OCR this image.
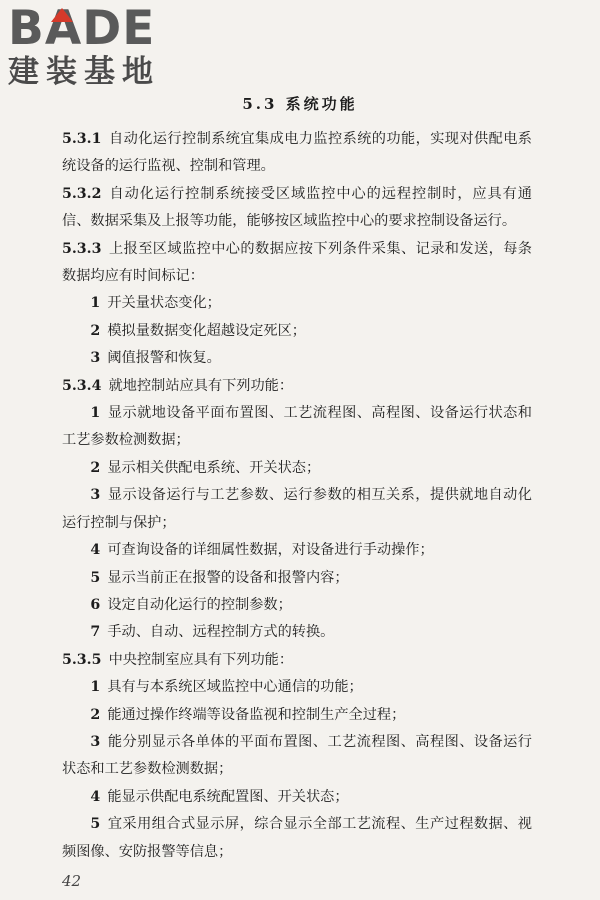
BADE
建装基地
5.3 系统功能

5.3.1 自动化运行控制系统宜集成电力监控系统的功能，实现对供配电系统设备的运行监视、控制和管理。

5.3.2 自动化运行控制系统接受区域监控中心的远程控制时，应具有通信、数据采集及上报等功能，能够按区域监控中心的要求控制设备运行。

5.3.3 上报至区域监控中心的数据应按下列条件采集、记录和发送，每条数据均应有时间标记：

1 开关量状态变化；

2 模拟量数据变化超越设定死区；

3 阈值报警和恢复。

5.3.4 就地控制站应具有下列功能：

1 显示就地设备平面布置图、工艺流程图、高程图、设备运行状态和工艺参数检测数据；

2 显示相关供配电系统、开关状态；

3 显示设备运行与工艺参数、运行参数的相互关系，提供就地自动化运行控制与保护；

4 可查询设备的详细属性数据，对设备进行手动操作；

5 显示当前正在报警的设备和报警内容；

6 设定自动化运行的控制参数；

7 手动、自动、远程控制方式的转换。

5.3.5 中央控制室应具有下列功能：

1 具有与本系统区域监控中心通信的功能；

2 能通过操作终端等设备监视和控制生产全过程；

3 能分别显示各单体的平面布置图、工艺流程图、高程图、设备运行状态和工艺参数检测数据；

4 能显示供配电系统配置图、开关状态；

5 宜采用组合式显示屏，综合显示全部工艺流程、生产过程数据、视频图像、安防报警等信息；

42
